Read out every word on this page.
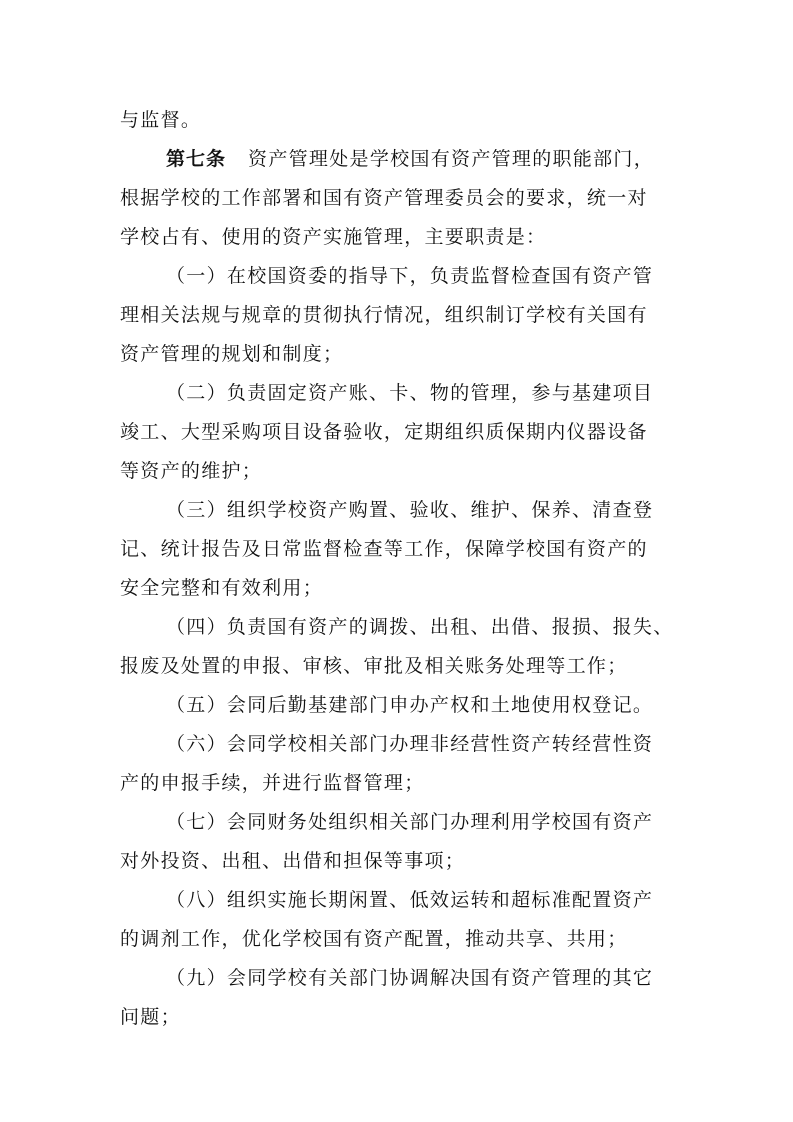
与监督。
第七条 资产管理处是学校国有资产管理的职能部门，
根据学校的工作部署和国有资产管理委员会的要求，统一对
学校占有、使用的资产实施管理，主要职责是：
（一）在校国资委的指导下，负责监督检查国有资产管
理相关法规与规章的贯彻执行情况，组织制订学校有关国有
资产管理的规划和制度；
（二）负责固定资产账、卡、物的管理，参与基建项目
竣工、大型采购项目设备验收，定期组织质保期内仪器设备
等资产的维护；
（三）组织学校资产购置、验收、维护、保养、清查登
记、统计报告及日常监督检查等工作，保障学校国有资产的
安全完整和有效利用；
（四）负责国有资产的调拨、出租、出借、报损、报失、
报废及处置的申报、审核、审批及相关账务处理等工作；
（五）会同后勤基建部门申办产权和土地使用权登记。
（六）会同学校相关部门办理非经营性资产转经营性资
产的申报手续，并进行监督管理；
（七）会同财务处组织相关部门办理利用学校国有资产
对外投资、出租、出借和担保等事项；
（八）组织实施长期闲置、低效运转和超标准配置资产
的调剂工作，优化学校国有资产配置，推动共享、共用；
（九）会同学校有关部门协调解决国有资产管理的其它
问题；
